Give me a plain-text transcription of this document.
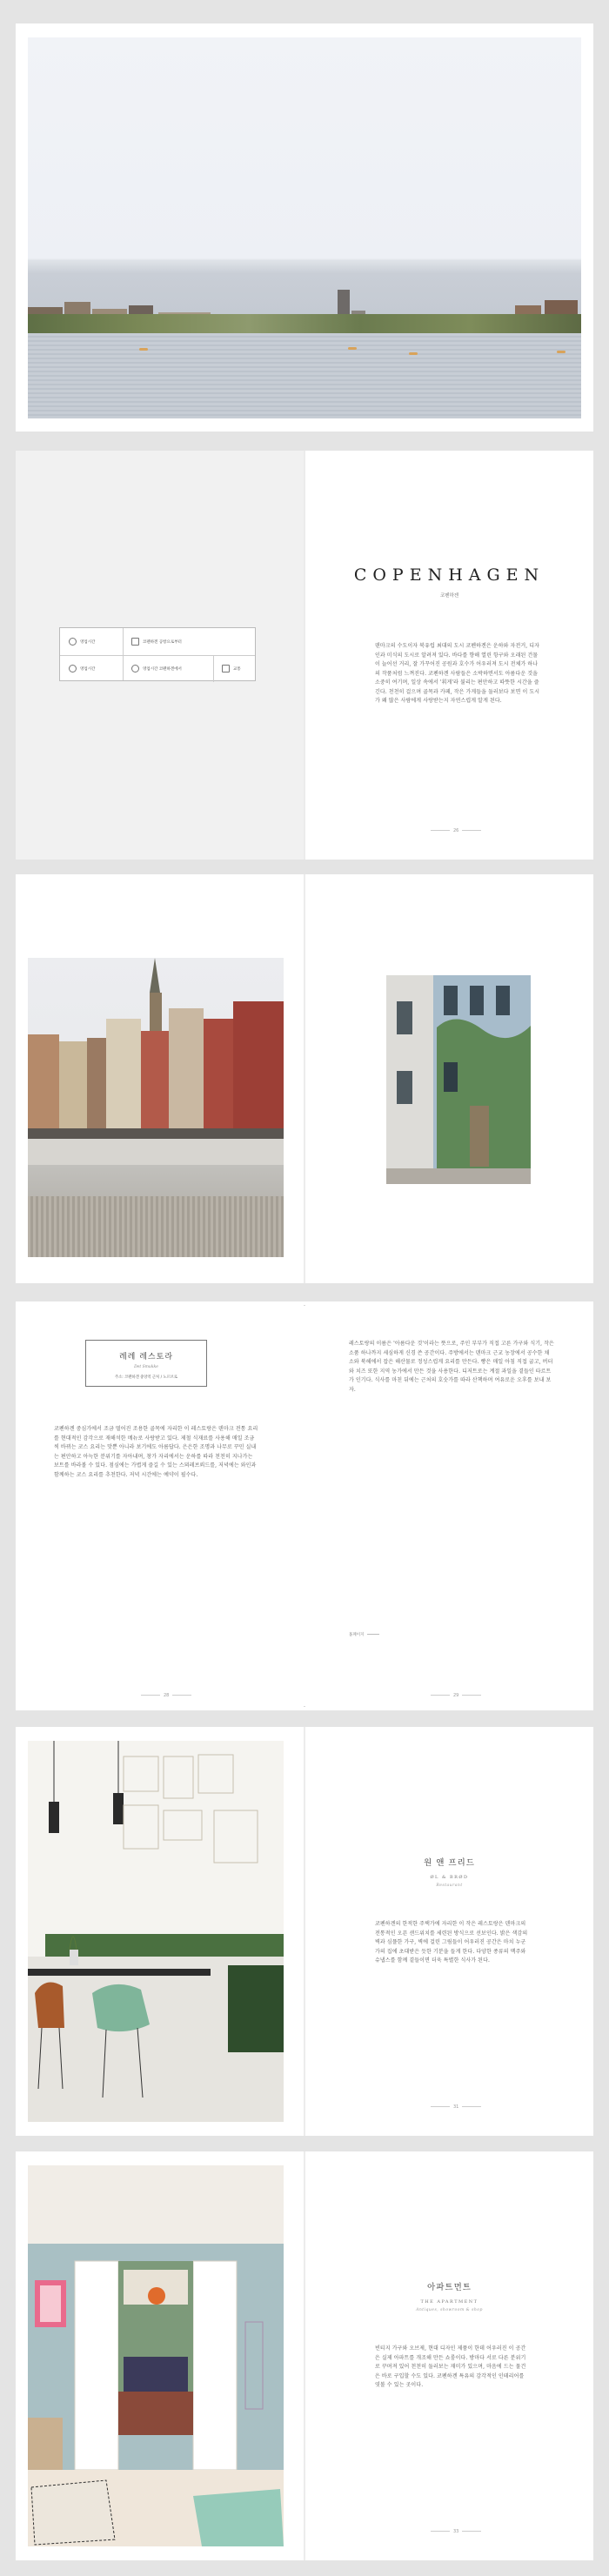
영업시간	코펜하겐 공항으로부터
영업시간	영업시간 코펜하겐에서	교통
COPENHAGEN
코펜하겐

덴마크의 수도이자 북유럽 최대의 도시 코펜하겐은 운하와 자전거, 디자인과 미식의 도시로 알려져 있다. 바다를 향해 열린 항구와 오래된 건물이 늘어선 거리, 잘 가꾸어진 공원과 호수가 어우러져 도시 전체가 하나의 작품처럼 느껴진다. 코펜하겐 사람들은 소박하면서도 아름다운 것을 소중히 여기며, 일상 속에서 '휘게'라 불리는 편안하고 따뜻한 시간을 즐긴다. 천천히 걸으며 골목과 카페, 작은 가게들을 둘러보다 보면 이 도시가 왜 많은 사람에게 사랑받는지 자연스럽게 알게 된다.

26
레레 레스토라
Det Smukke
주소: 코펜하겐 중앙역 근처 / 노르브로

코펜하겐 중심가에서 조금 떨어진 조용한 골목에 자리한 이 레스토랑은 덴마크 전통 요리를 현대적인 감각으로 재해석한 메뉴로 사랑받고 있다. 제철 식재료를 사용해 매일 조금씩 바뀌는 코스 요리는 맛뿐 아니라 보기에도 아름답다. 은은한 조명과 나무로 꾸민 실내는 편안하고 아늑한 분위기를 자아내며, 창가 자리에서는 운하를 따라 천천히 지나가는 보트를 바라볼 수 있다. 점심에는 가볍게 즐길 수 있는 스뫼레브뢰드를, 저녁에는 와인과 함께하는 코스 요리를 추천한다. 저녁 시간에는 예약이 필수다.

28

레스토랑의 이름은 '아름다운 것'이라는 뜻으로, 주인 부부가 직접 고른 가구와 식기, 작은 소품 하나까지 세심하게 신경 쓴 공간이다. 주방에서는 덴마크 근교 농장에서 공수한 채소와 북해에서 잡은 해산물로 정성스럽게 요리를 만든다. 빵은 매일 아침 직접 굽고, 버터와 치즈 또한 지역 농가에서 만든 것을 사용한다. 디저트로는 계절 과일을 곁들인 타르트가 인기다. 식사를 마친 뒤에는 근처의 호숫가를 따라 산책하며 여유로운 오후를 보내 보자.

홈페이지
29
원 앤 프리드
ØL & BRØD
Restaurant

코펜하겐의 한적한 주택가에 자리한 이 작은 레스토랑은 덴마크의 전통적인 오픈 샌드위치를 세련된 방식으로 선보인다. 밝은 색감의 벽과 심플한 가구, 벽에 걸린 그림들이 어우러진 공간은 마치 누군가의 집에 초대받은 듯한 기분을 들게 한다. 다양한 종류의 맥주와 슈냅스를 함께 곁들이면 더욱 특별한 식사가 된다.

31
아파트먼트
THE APARTMENT
Antiques, showroom & shop

빈티지 가구와 오브제, 현대 디자인 제품이 한데 어우러진 이 공간은 실제 아파트를 개조해 만든 쇼룸이다. 방마다 서로 다른 분위기로 꾸며져 있어 천천히 둘러보는 재미가 있으며, 마음에 드는 물건은 바로 구입할 수도 있다. 코펜하겐 특유의 감각적인 인테리어를 엿볼 수 있는 곳이다.

33
